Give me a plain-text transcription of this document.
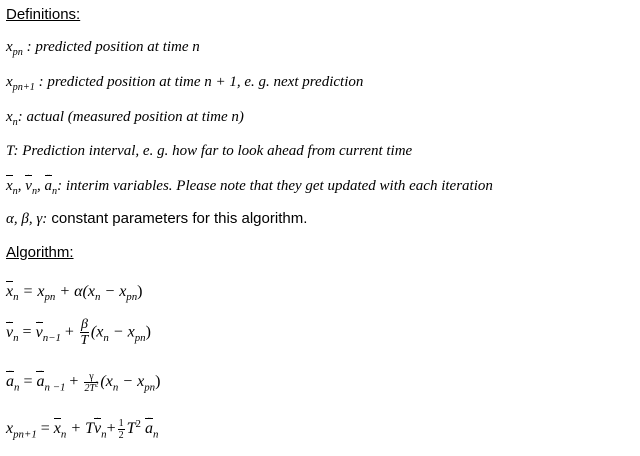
Definitions:
$x_{pn}$ : predicted position at time n
$x_{pn+1}$ : predicted position at time n + 1, e. g. next prediction
$x_n$: actual (measured position at time n)
T: Prediction interval, e. g. how far to look ahead from current time
$x_n$,
.
$v_n$,
..
$a_n$: interim variables. Please note that they get updated with each iteration
α, β, γ: constant parameters for this algorithm.
Algorithm:
$x_n = x_{pn} + \alpha(x_n - x_{pn})$
.
$v_n$ =
.
$v_{n-1} + \frac{\beta}{T} (x_n - x_{pn})$
..
$a_n$ =
..
$a_{n -1} + \frac{\gamma}{2T^2} (x_n - x_{pn})$
$x_{pn+1}$ =
$x_n + T$
.
$v_n+ \frac{1}{2} T^2$
..
$a_n$
